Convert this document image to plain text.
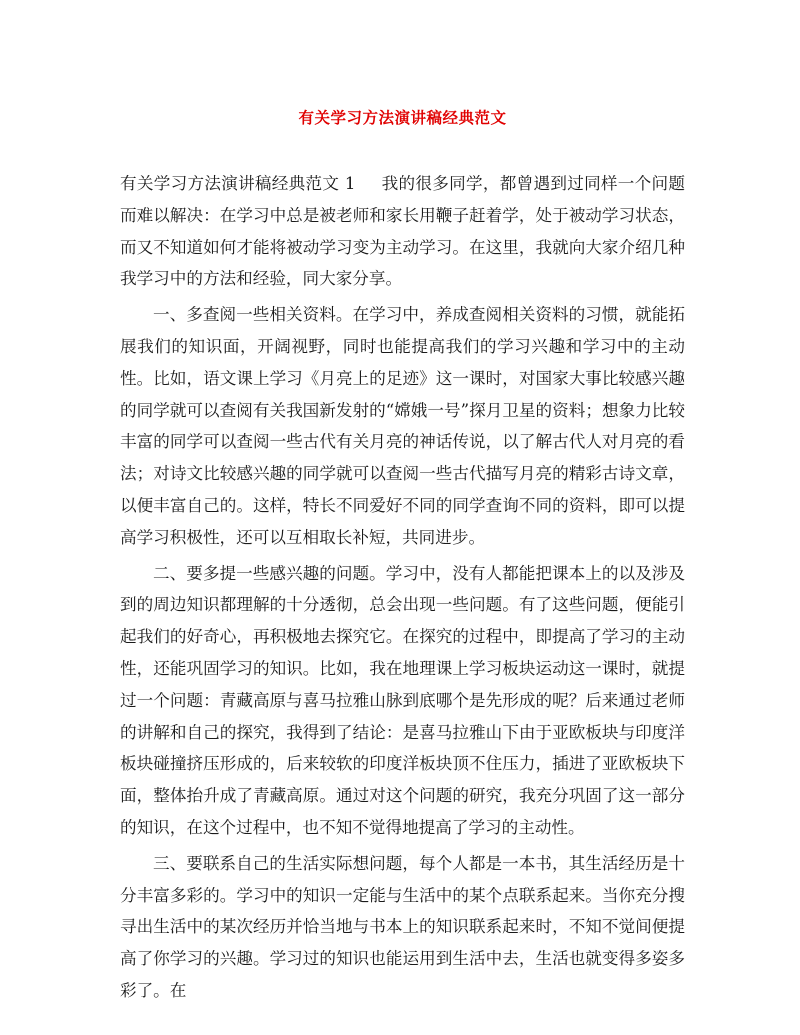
有关学习方法演讲稿经典范文

有关学习方法演讲稿经典范文 1 我的很多同学，都曾遇到过同样一个问题而难以解决：在学习中总是被老师和家长用鞭子赶着学，处于被动学习状态，而又不知道如何才能将被动学习变为主动学习。在这里，我就向大家介绍几种我学习中的方法和经验，同大家分享。

一、多查阅一些相关资料。在学习中，养成查阅相关资料的习惯，就能拓展我们的知识面，开阔视野，同时也能提高我们的学习兴趣和学习中的主动性。比如，语文课上学习《月亮上的足迹》这一课时，对国家大事比较感兴趣的同学就可以查阅有关我国新发射的“嫦娥一号”探月卫星的资料；想象力比较丰富的同学可以查阅一些古代有关月亮的神话传说，以了解古代人对月亮的看法；对诗文比较感兴趣的同学就可以查阅一些古代描写月亮的精彩古诗文章，以便丰富自己的。这样，特长不同爱好不同的同学查询不同的资料，即可以提高学习积极性，还可以互相取长补短，共同进步。

二、要多提一些感兴趣的问题。学习中，没有人都能把课本上的以及涉及到的周边知识都理解的十分透彻，总会出现一些问题。有了这些问题，便能引起我们的好奇心，再积极地去探究它。在探究的过程中，即提高了学习的主动性，还能巩固学习的知识。比如，我在地理课上学习板块运动这一课时，就提过一个问题：青藏高原与喜马拉雅山脉到底哪个是先形成的呢？后来通过老师的讲解和自己的探究，我得到了结论：是喜马拉雅山下由于亚欧板块与印度洋板块碰撞挤压形成的，后来较软的印度洋板块顶不住压力，插进了亚欧板块下面，整体抬升成了青藏高原。通过对这个问题的研究，我充分巩固了这一部分的知识，在这个过程中，也不知不觉得地提高了学习的主动性。

三、要联系自己的生活实际想问题，每个人都是一本书，其生活经历是十分丰富多彩的。学习中的知识一定能与生活中的某个点联系起来。当你充分搜寻出生活中的某次经历并恰当地与书本上的知识联系起来时，不知不觉间便提高了你学习的兴趣。学习过的知识也能运用到生活中去，生活也就变得多姿多彩了。在
